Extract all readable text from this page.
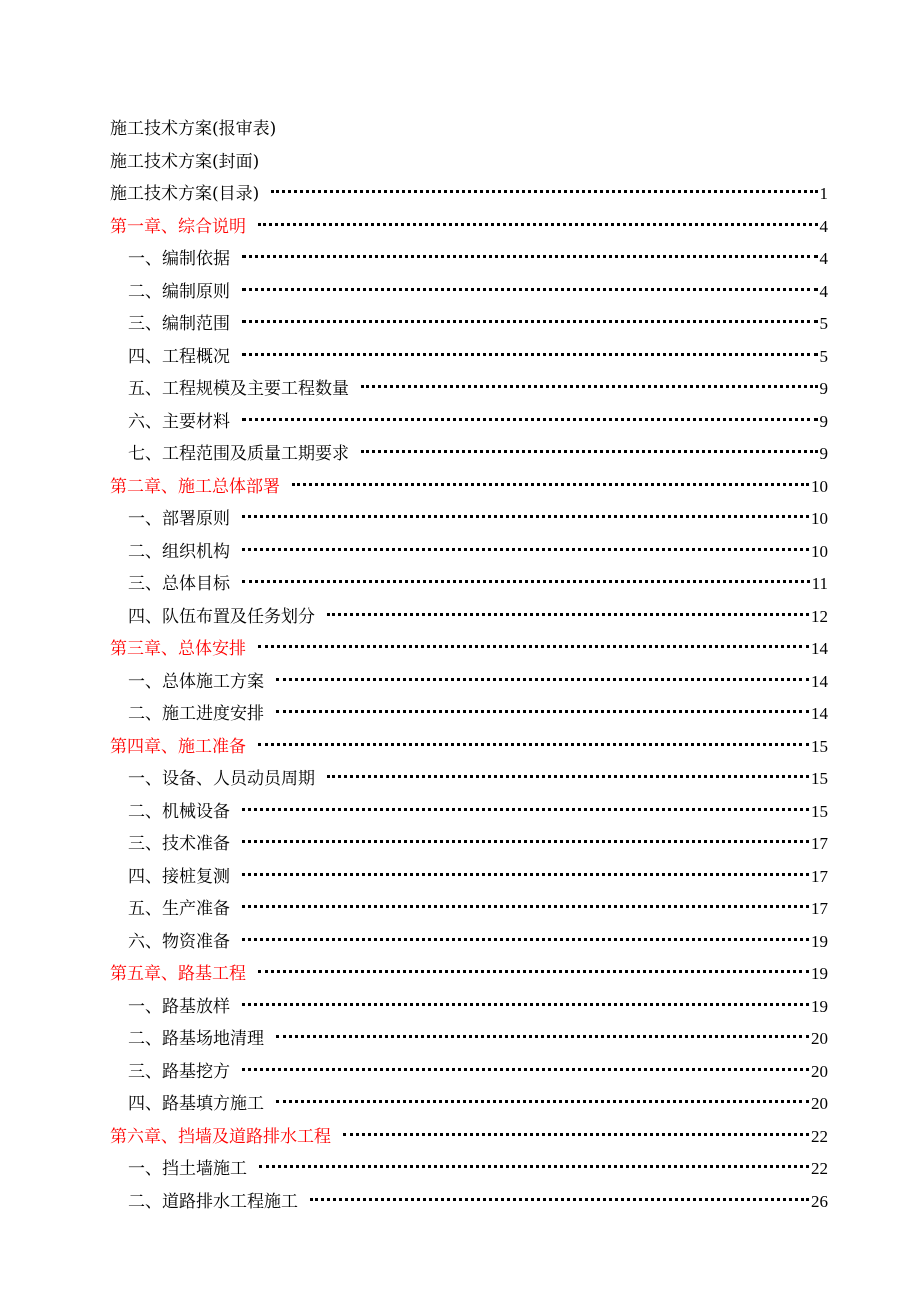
施工技术方案(报审表)
施工技术方案(封面)
施工技术方案(目录)	1
第一章、综合说明	4
一、编制依据	4
二、编制原则	4
三、编制范围	5
四、工程概况	5
五、工程规模及主要工程数量	9
六、主要材料	9
七、工程范围及质量工期要求	9
第二章、施工总体部署	10
一、部署原则	10
二、组织机构	10
三、总体目标	11
四、队伍布置及任务划分	12
第三章、总体安排	14
一、总体施工方案	14
二、施工进度安排	14
第四章、施工准备	15
一、设备、人员动员周期	15
二、机械设备	15
三、技术准备	17
四、接桩复测	17
五、生产准备	17
六、物资准备	19
第五章、路基工程	19
一、路基放样	19
二、路基场地清理	20
三、路基挖方	20
四、路基填方施工	20
第六章、挡墙及道路排水工程	22
一、挡土墙施工	22
二、道路排水工程施工	26
